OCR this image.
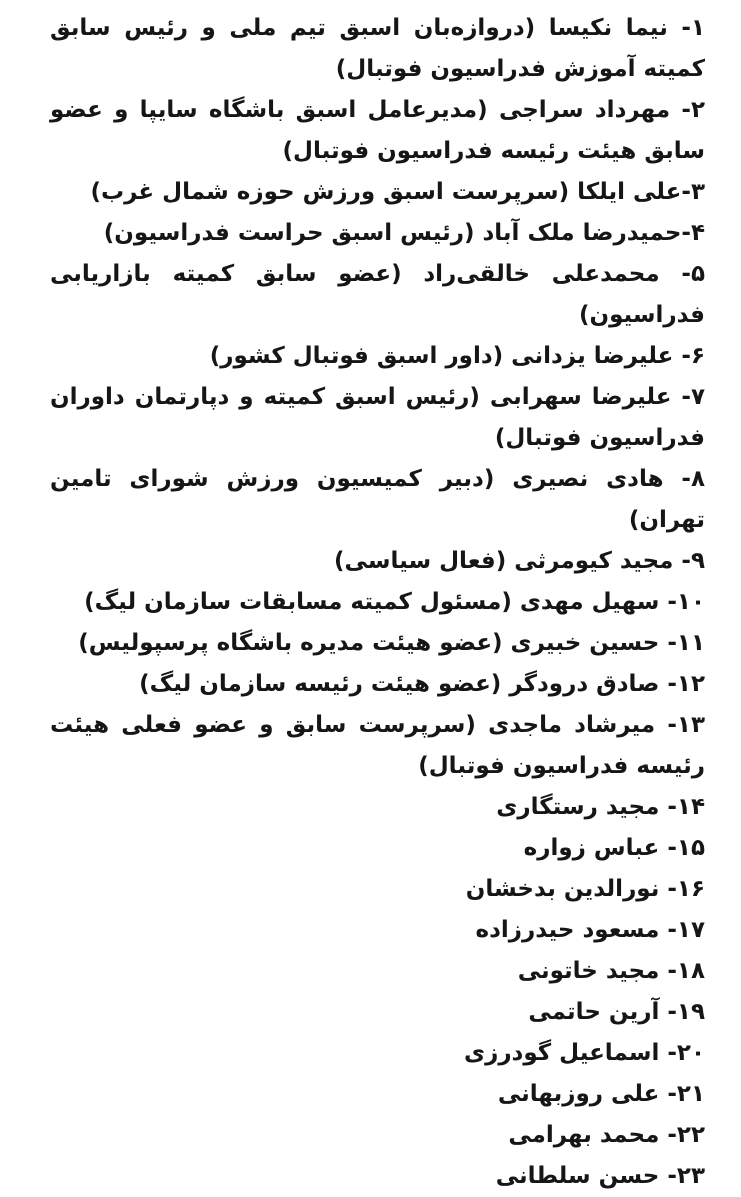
۱- نیما نکیسا (دروازه‌بان اسبق تیم ملی و رئیس سابق کمیته آموزش فدراسیون فوتبال)
۲- مهرداد سراجی (مدیرعامل اسبق باشگاه سایپا و عضو سابق هیئت رئیسه فدراسیون فوتبال)
۳-علی ایلکا (سرپرست اسبق ورزش حوزه شمال غرب)
۴-حمیدرضا ملک آباد (رئیس اسبق حراست فدراسیون)
۵- محمدعلی خالقی‌راد (عضو سابق کمیته بازاریابی فدراسیون)
۶- علیرضا یزدانی (داور اسبق فوتبال کشور)
۷- علیرضا سهرابی (رئیس اسبق کمیته و دپارتمان داوران فدراسیون فوتبال)
۸- هادی نصیری (دبیر کمیسیون ورزش شورای تامین تهران)
۹- مجید کیومرثی (فعال سیاسی)
۱۰- سهیل مهدی (مسئول کمیته مسابقات سازمان لیگ)
۱۱- حسین خبیری (عضو هیئت مدیره باشگاه پرسپولیس)
۱۲- صادق درودگر (عضو هیئت رئیسه سازمان لیگ)
۱۳- میرشاد ماجدی (سرپرست سابق و عضو فعلی هیئت رئیسه فدراسیون فوتبال)
۱۴- مجید رستگاری
۱۵- عباس زواره
۱۶- نورالدین بدخشان
۱۷- مسعود حیدرزاده
۱۸- مجید خاتونی
۱۹- آرین حاتمی
۲۰- اسماعیل گودرزی
۲۱- علی روزبهانی
۲۲- محمد بهرامی
۲۳- حسن سلطانی
